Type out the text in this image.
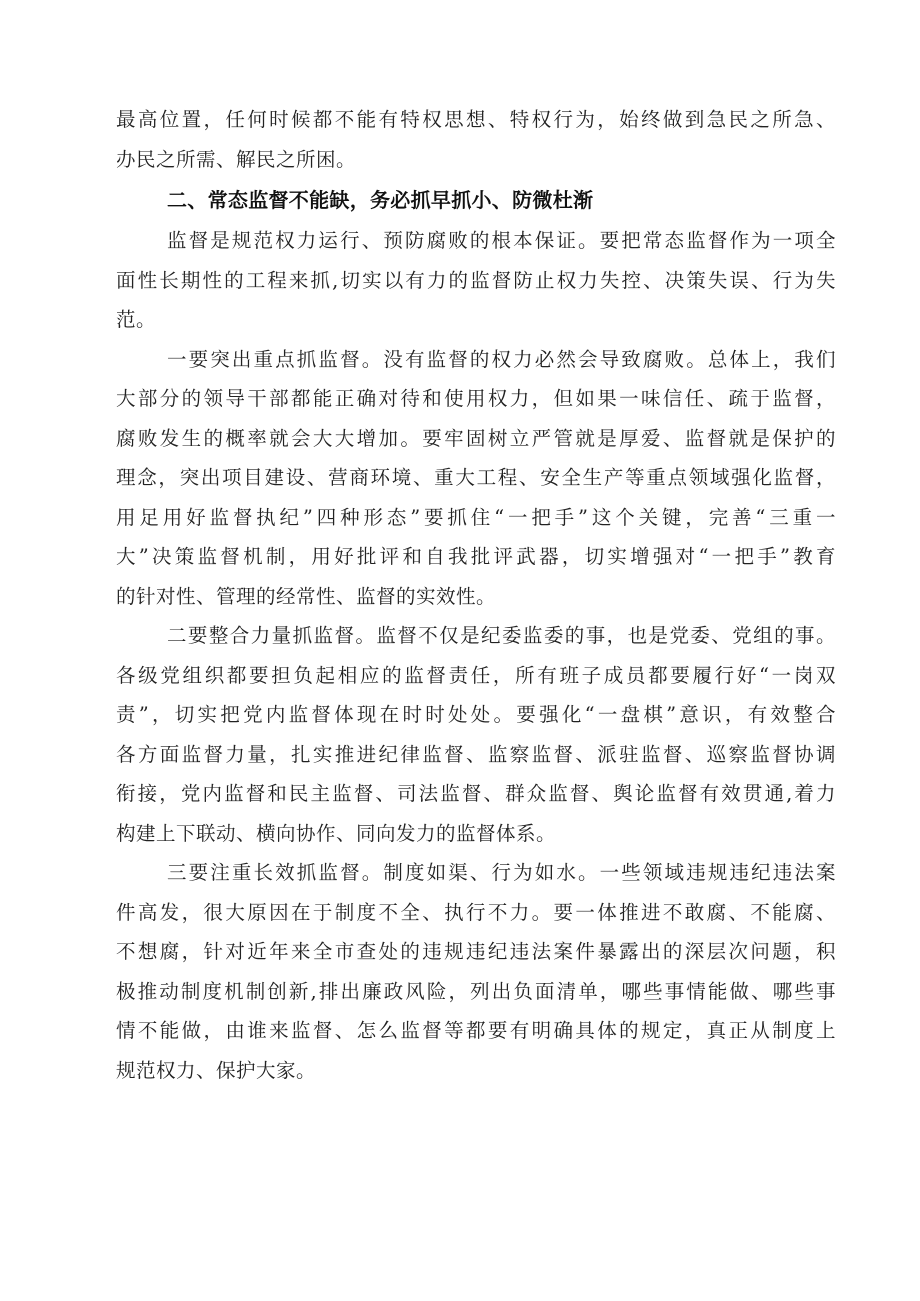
最高位置，任何时候都不能有特权思想、特权行为，始终做到急民之所急、
办民之所需、解民之所困。
二、常态监督不能缺，务必抓早抓小、防微杜渐
监督是规范权力运行、预防腐败的根本保证。要把常态监督作为一项全
面性长期性的工程来抓,切实以有力的监督防止权力失控、决策失误、行为失
范。
一要突出重点抓监督。没有监督的权力必然会导致腐败。总体上，我们
大部分的领导干部都能正确对待和使用权力，但如果一味信任、疏于监督，
腐败发生的概率就会大大增加。要牢固树立严管就是厚爱、监督就是保护的
理念，突出项目建设、营商环境、重大工程、安全生产等重点领域强化监督，
用足用好监督执纪”四种形态”要抓住“一把手”这个关键，完善“三重一
大”决策监督机制，用好批评和自我批评武器，切实增强对“一把手”教育
的针对性、管理的经常性、监督的实效性。
二要整合力量抓监督。监督不仅是纪委监委的事，也是党委、党组的事。
各级党组织都要担负起相应的监督责任，所有班子成员都要履行好“一岗双
责”，切实把党内监督体现在时时处处。要强化“一盘棋”意识，有效整合
各方面监督力量，扎实推进纪律监督、监察监督、派驻监督、巡察监督协调
衔接，党内监督和民主监督、司法监督、群众监督、舆论监督有效贯通,着力
构建上下联动、横向协作、同向发力的监督体系。
三要注重长效抓监督。制度如渠、行为如水。一些领域违规违纪违法案
件高发，很大原因在于制度不全、执行不力。要一体推进不敢腐、不能腐、
不想腐，针对近年来全市查处的违规违纪违法案件暴露出的深层次问题，积
极推动制度机制创新,排出廉政风险，列出负面清单，哪些事情能做、哪些事
情不能做，由谁来监督、怎么监督等都要有明确具体的规定，真正从制度上
规范权力、保护大家。
